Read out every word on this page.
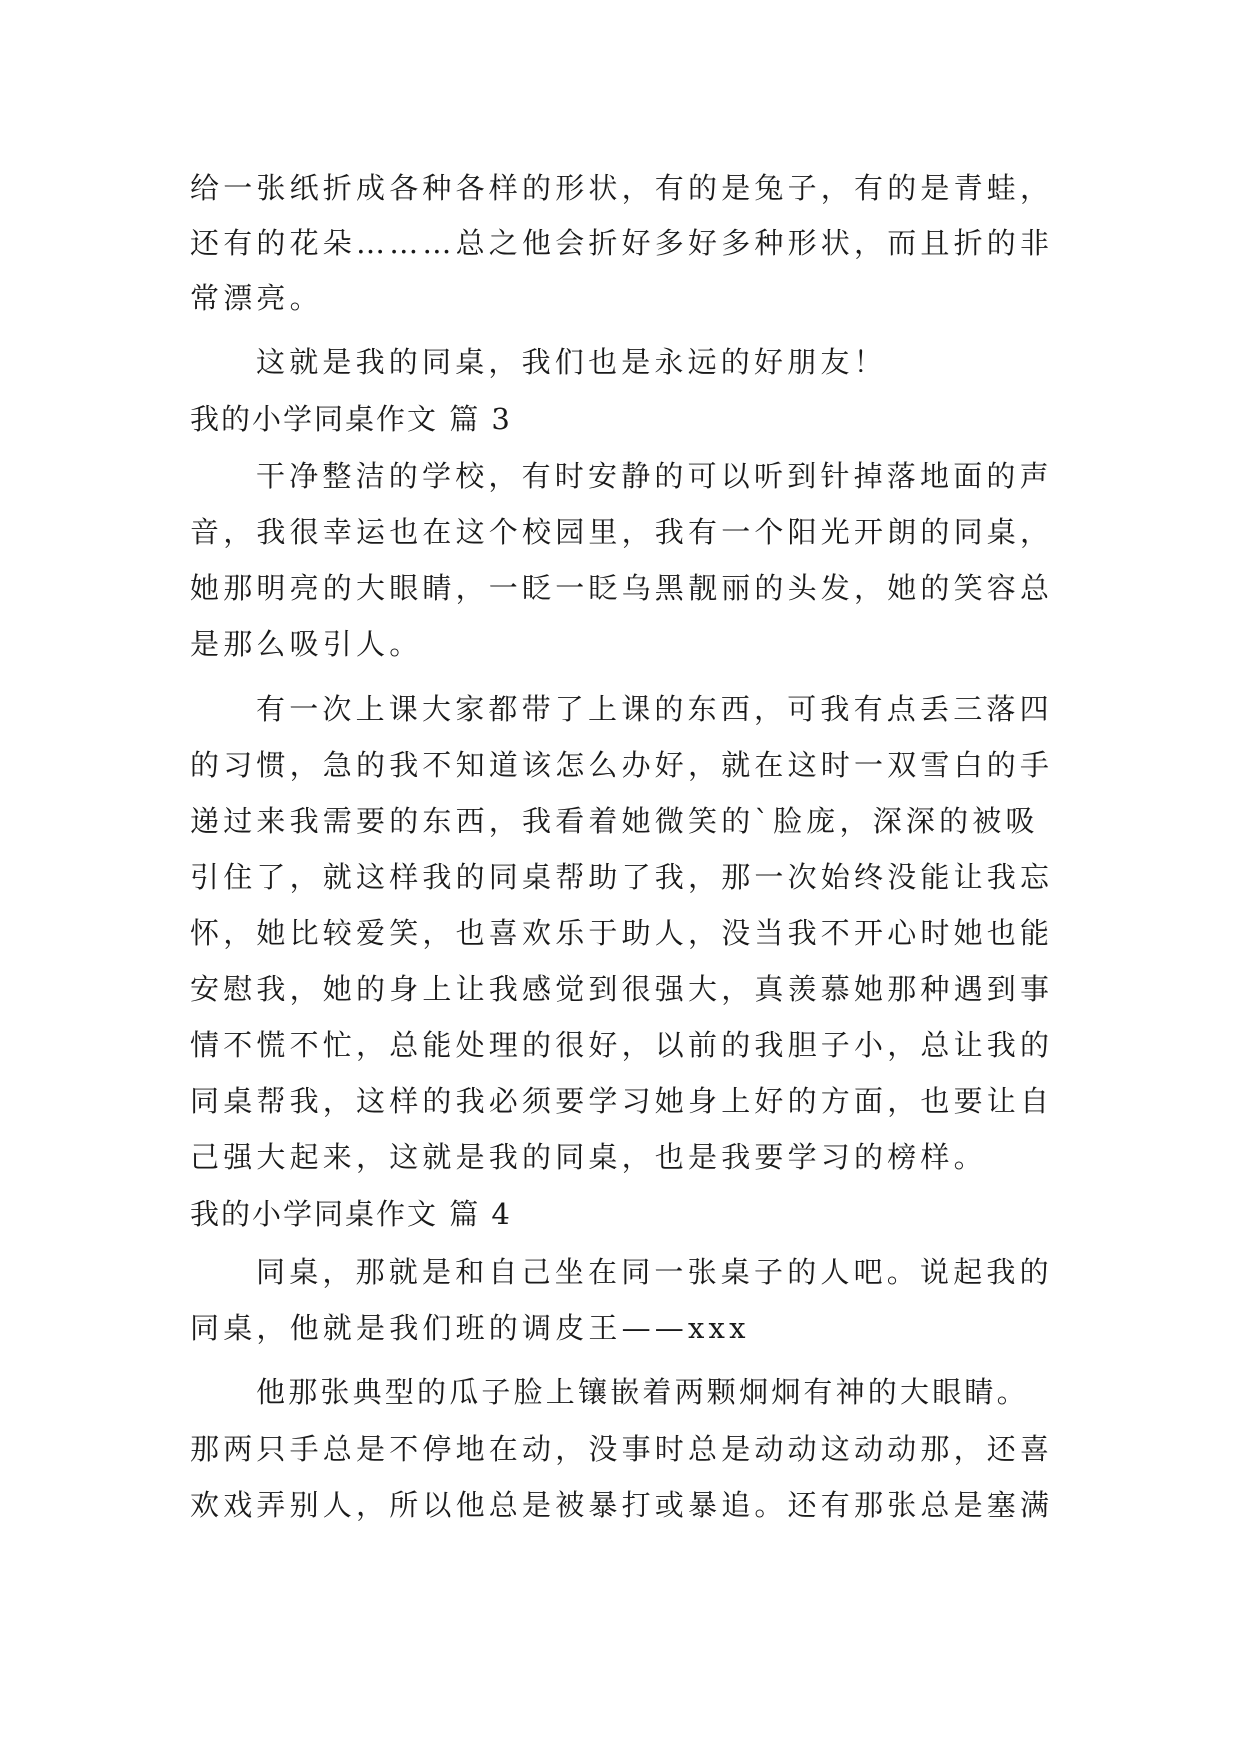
给一张纸折成各种各样的形状，有的是兔子，有的是青蛙，
还有的花朵………总之他会折好多好多种形状，而且折的非
常漂亮。
这就是我的同桌，我们也是永远的好朋友！
我的小学同桌作文 篇 3
干净整洁的学校，有时安静的可以听到针掉落地面的声
音，我很幸运也在这个校园里，我有一个阳光开朗的同桌，
她那明亮的大眼睛，一眨一眨乌黑靓丽的头发，她的笑容总
是那么吸引人。
有一次上课大家都带了上课的东西，可我有点丢三落四
的习惯，急的我不知道该怎么办好，就在这时一双雪白的手
递过来我需要的东西，我看着她微笑的`脸庞，深深的被吸
引住了，就这样我的同桌帮助了我，那一次始终没能让我忘
怀，她比较爱笑，也喜欢乐于助人，没当我不开心时她也能
安慰我，她的身上让我感觉到很强大，真羡慕她那种遇到事
情不慌不忙，总能处理的很好，以前的我胆子小，总让我的
同桌帮我，这样的我必须要学习她身上好的方面，也要让自
己强大起来，这就是我的同桌，也是我要学习的榜样。
我的小学同桌作文 篇 4
同桌，那就是和自己坐在同一张桌子的人吧。说起我的
同桌，他就是我们班的调皮王——xxx
他那张典型的瓜子脸上镶嵌着两颗炯炯有神的大眼睛。
那两只手总是不停地在动，没事时总是动动这动动那，还喜
欢戏弄别人，所以他总是被暴打或暴追。还有那张总是塞满
